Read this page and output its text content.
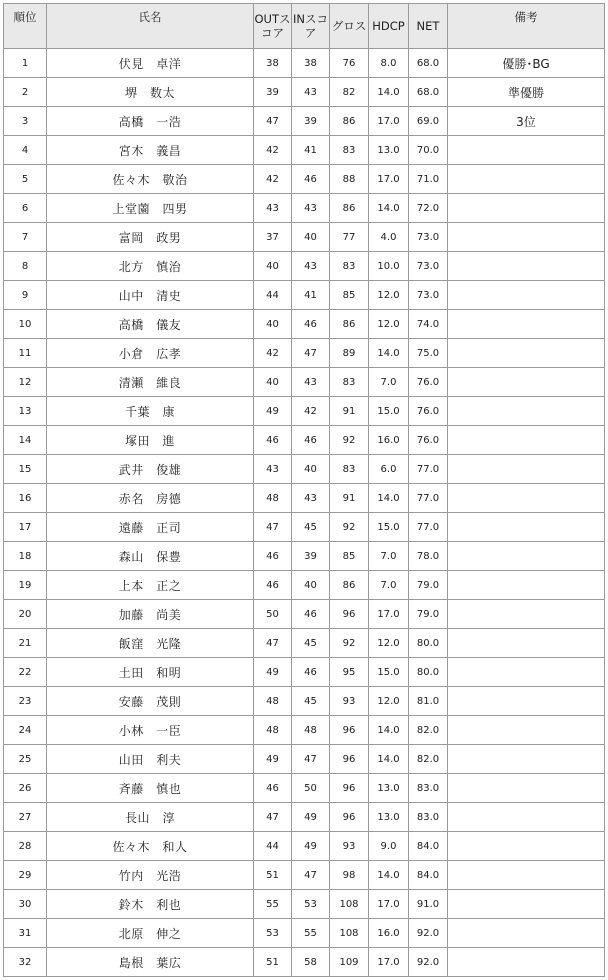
順位	氏名	OUTスコア	INスコア	グロス	HDCP	NET	備考
1	伏見　卓洋	38	38	76	8.0	68.0	優勝･BG
2	堺　数太	39	43	82	14.0	68.0	準優勝
3	高橋　一浩	47	39	86	17.0	69.0	3位
4	宮木　義昌	42	41	83	13.0	70.0	
5	佐々木　敬治	42	46	88	17.0	71.0	
6	上堂薗　四男	43	43	86	14.0	72.0	
7	富岡　政男	37	40	77	4.0	73.0	
8	北方　慎治	40	43	83	10.0	73.0	
9	山中　清史	44	41	85	12.0	73.0	
10	高橋　儀友	40	46	86	12.0	74.0	
11	小倉　広孝	42	47	89	14.0	75.0	
12	清瀬　維良	40	43	83	7.0	76.0	
13	千葉　康	49	42	91	15.0	76.0	
14	塚田　進	46	46	92	16.0	76.0	
15	武井　俊雄	43	40	83	6.0	77.0	
16	赤名　房德	48	43	91	14.0	77.0	
17	遠藤　正司	47	45	92	15.0	77.0	
18	森山　保豊	46	39	85	7.0	78.0	
19	上本　正之	46	40	86	7.0	79.0	
20	加藤　尚美	50	46	96	17.0	79.0	
21	飯窪　光隆	47	45	92	12.0	80.0	
22	土田　和明	49	46	95	15.0	80.0	
23	安藤　茂則	48	45	93	12.0	81.0	
24	小林　一臣	48	48	96	14.0	82.0	
25	山田　利夫	49	47	96	14.0	82.0	
26	斉藤　慎也	46	50	96	13.0	83.0	
27	長山　淳	47	49	96	13.0	83.0	
28	佐々木　和人	44	49	93	9.0	84.0	
29	竹内　光浩	51	47	98	14.0	84.0	
30	鈴木　利也	55	53	108	17.0	91.0	
31	北原　伸之	53	55	108	16.0	92.0	
32	島根　葉広	51	58	109	17.0	92.0	
